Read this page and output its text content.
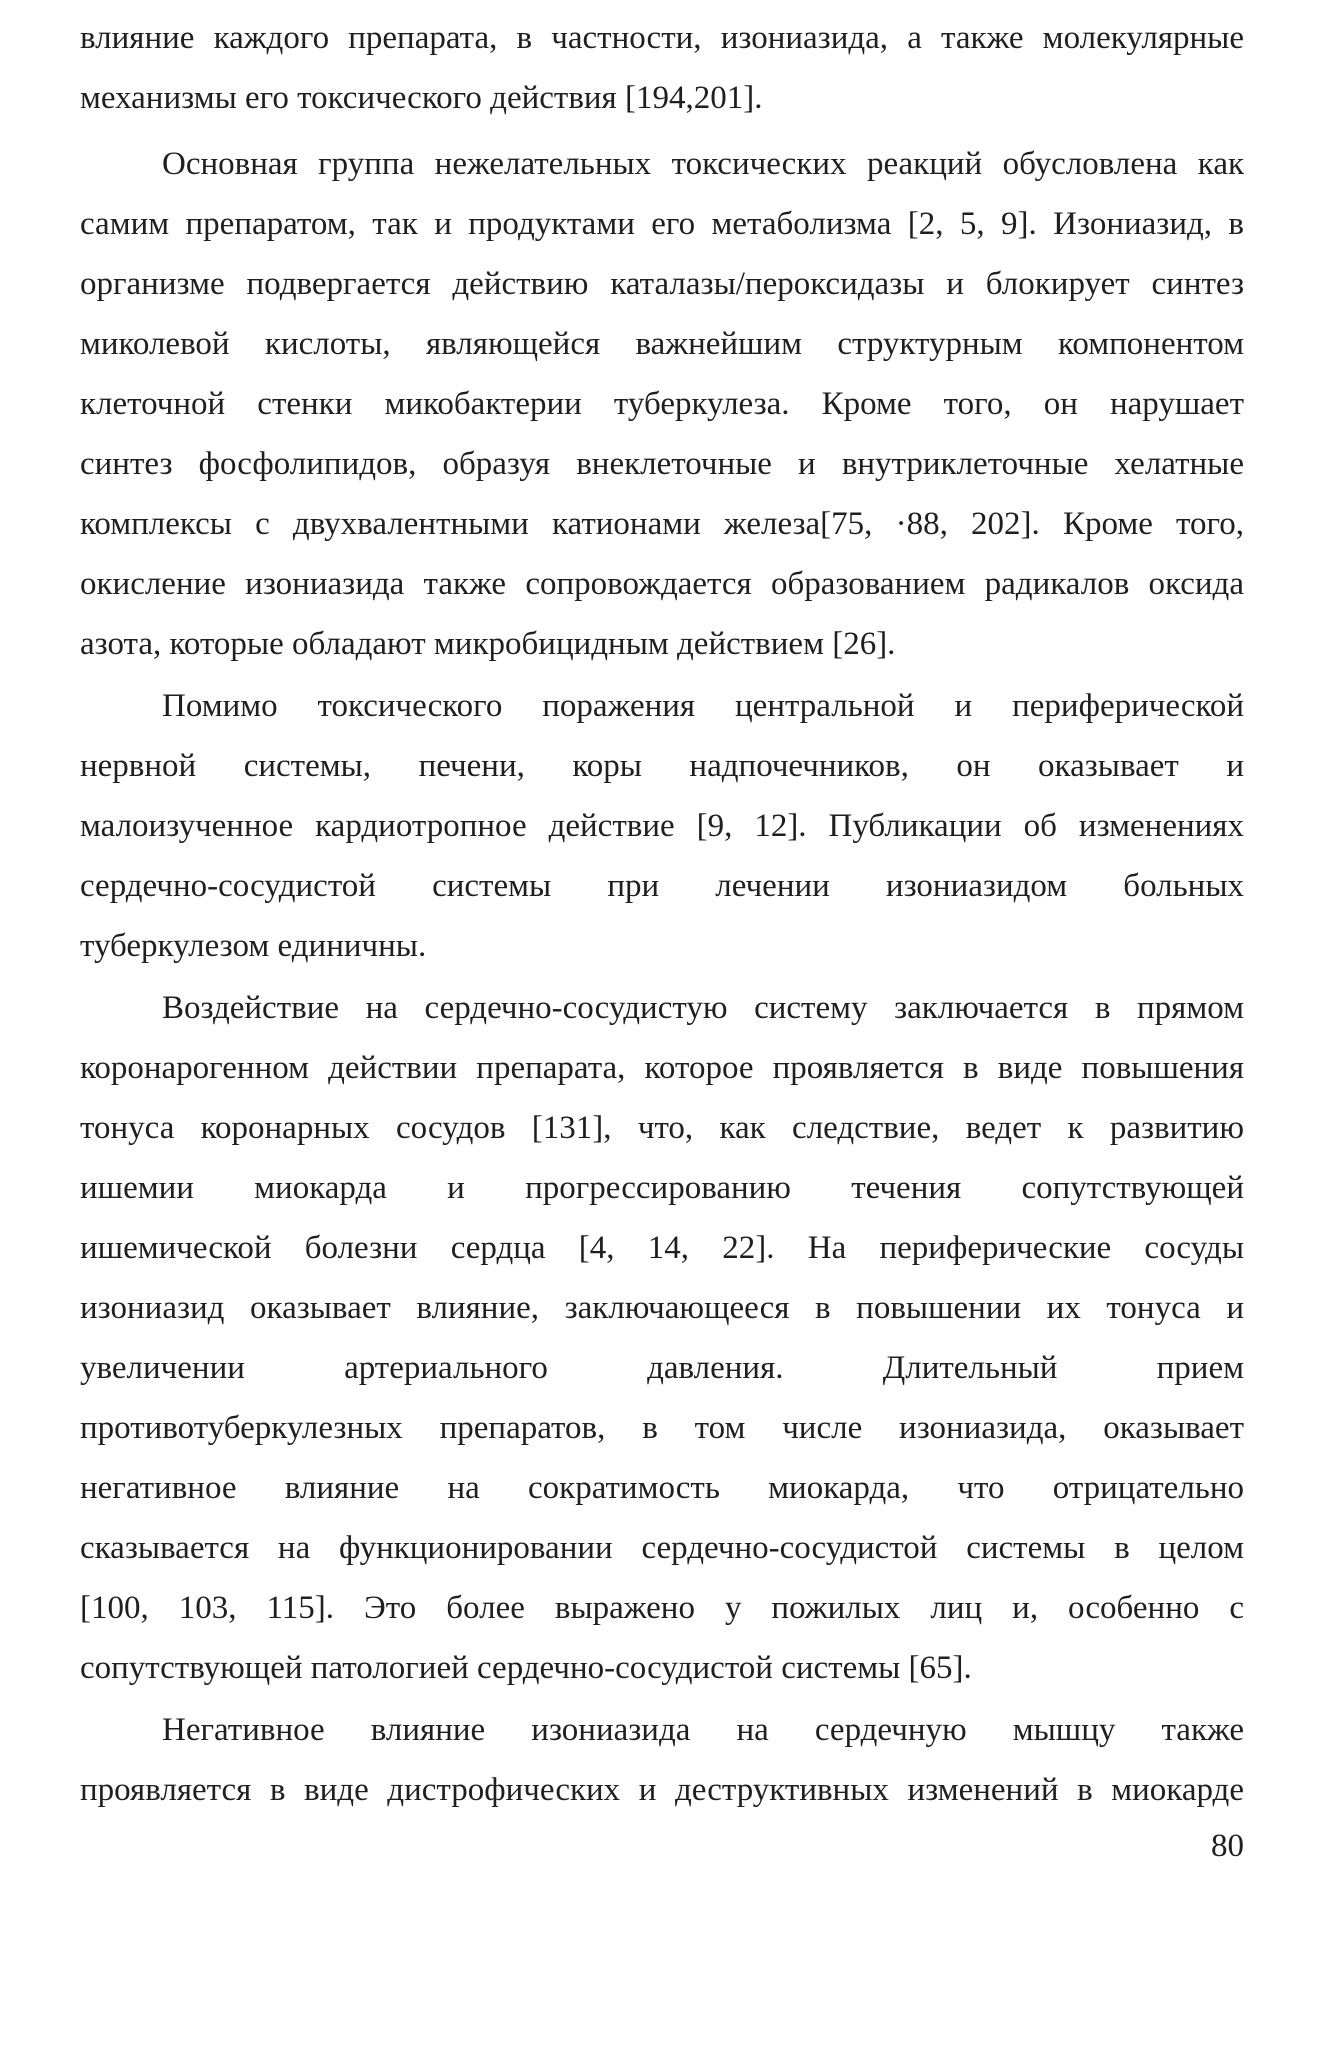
влияние каждого препарата, в частности, изониазида, а также молекулярные
механизмы его токсического действия [194,201].
Основная группа нежелательных токсических реакций обусловлена как
самим препаратом, так и продуктами его метаболизма [2, 5, 9]. Изониазид, в
организме подвергается действию каталазы/пероксидазы и блокирует синтез
миколевой кислоты, являющейся важнейшим структурным компонентом
клеточной стенки микобактерии туберкулеза. Кроме того, он нарушает
синтез фосфолипидов, образуя внеклеточные и внутриклеточные хелатные
комплексы с двухвалентными катионами железа[75, ·88, 202]. Кроме того,
окисление изониазида также сопровождается образованием радикалов оксида
азота, которые обладают микробицидным действием [26].
Помимо токсического поражения центральной и периферической
нервной системы, печени, коры надпочечников, он оказывает и
малоизученное кардиотропное действие [9, 12]. Публикации об изменениях
сердечно-сосудистой системы при лечении изониазидом больных
туберкулезом единичны.
Воздействие на сердечно-сосудистую систему заключается в прямом
коронарогенном действии препарата, которое проявляется в виде повышения
тонуса коронарных сосудов [131], что, как следствие, ведет к развитию
ишемии миокарда и прогрессированию течения сопутствующей
ишемической болезни сердца [4, 14, 22]. На периферические сосуды
изониазид оказывает влияние, заключающееся в повышении их тонуса и
увеличении артериального давления. Длительный прием
противотуберкулезных препаратов, в том числе изониазида, оказывает
негативное влияние на сократимость миокарда, что отрицательно
сказывается на функционировании сердечно-сосудистой системы в целом
[100, 103, 115]. Это более выражено у пожилых лиц и, особенно с
сопутствующей патологией сердечно-сосудистой системы [65].
Негативное влияние изониазида на сердечную мышцу также
проявляется в виде дистрофических и деструктивных изменений в миокарде
80
